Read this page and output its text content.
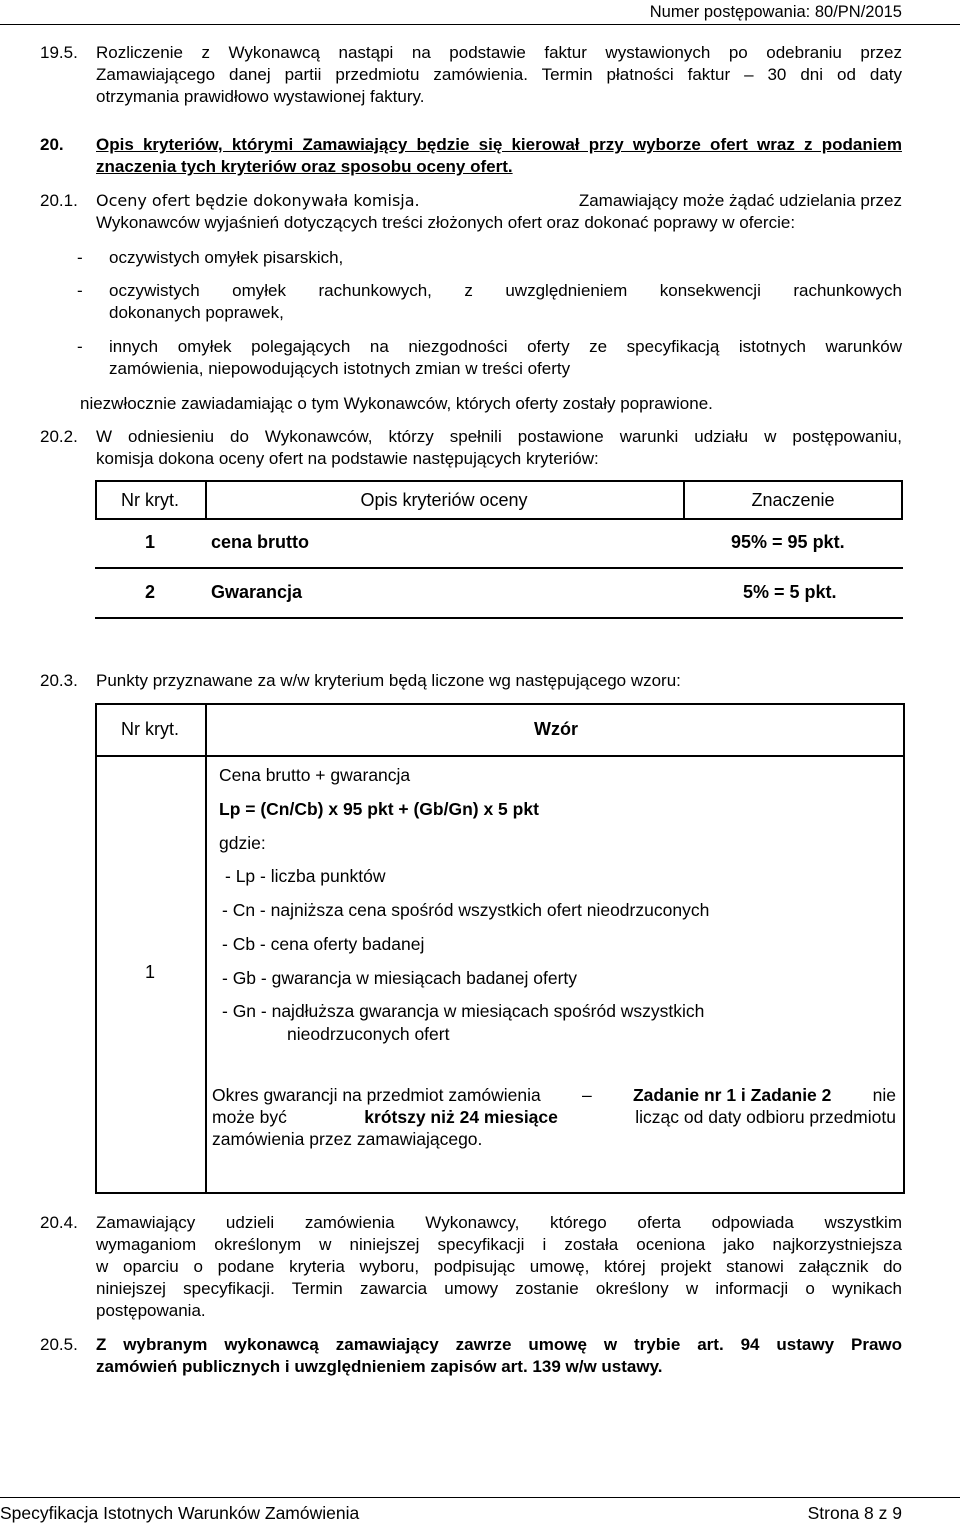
Numer postępowania: 80/PN/2015
19.5. Rozliczenie z Wykonawcą nastąpi na podstawie faktur wystawionych po odebraniu przez
Zamawiającego danej partii przedmiotu zamówienia. Termin płatności faktur – 30 dni od daty
otrzymania prawidłowo wystawionej faktury.
20. Opis kryteriów, którymi Zamawiający będzie się kierował przy wyborze ofert wraz z podaniem
znaczenia tych kryteriów oraz sposobu oceny ofert.
20.1. Oceny ofert będzie dokonywała komisja.	Zamawiający może żądać udzielania przez
Wykonawców wyjaśnień dotyczących treści złożonych ofert oraz dokonać poprawy w ofercie:
- oczywistych omyłek pisarskich,
- oczywistych omyłek rachunkowych, z uwzględnieniem konsekwencji rachunkowych
dokonanych poprawek,
- innych omyłek polegających na niezgodności oferty ze specyfikacją istotnych warunków
zamówienia, niepowodujących istotnych zmian w treści oferty
niezwłocznie zawiadamiając o tym Wykonawców, których oferty zostały poprawione.
20.2. W odniesieniu do Wykonawców, którzy spełnili postawione warunki udziału w postępowaniu,
komisja dokona oceny ofert na podstawie następujących kryteriów:
Nr kryt.	Opis kryteriów oceny	Znaczenie
1	cena brutto	95% = 95 pkt.
2	Gwarancja	5% = 5 pkt.
20.3. Punkty przyznawane za w/w kryterium będą liczone wg następującego wzoru:
Nr kryt.	Wzór
1
Cena brutto + gwarancja
Lp = (Cn/Cb) x 95 pkt + (Gb/Gn) x 5 pkt
gdzie:
- Lp - liczba punktów
- Cn - najniższa cena spośród wszystkich ofert nieodrzuconych
- Cb - cena oferty badanej
- Gb - gwarancja w miesiącach badanej oferty
- Gn - najdłuższa gwarancja w miesiącach spośród wszystkich
nieodrzuconych ofert
Okres gwarancji na przedmiot zamówienia – Zadanie nr 1 i Zadanie 2 nie
może być	krótszy niż 24 miesiące	licząc od daty odbioru przedmiotu
zamówienia przez zamawiającego.
20.4. Zamawiający udzieli zamówienia Wykonawcy, którego oferta odpowiada wszystkim
wymaganiom określonym w niniejszej specyfikacji i została oceniona jako najkorzystniejsza
w oparciu o podane kryteria wyboru, podpisując umowę, której projekt stanowi załącznik do
niniejszej specyfikacji. Termin zawarcia umowy zostanie określony w informacji o wynikach
postępowania.
20.5. Z wybranym wykonawcą zamawiający zawrze umowę w trybie art. 94 ustawy Prawo
zamówień publicznych i uwzględnieniem zapisów art. 139 w/w ustawy.
Specyfikacja Istotnych Warunków Zamówienia	Strona 8 z 9
